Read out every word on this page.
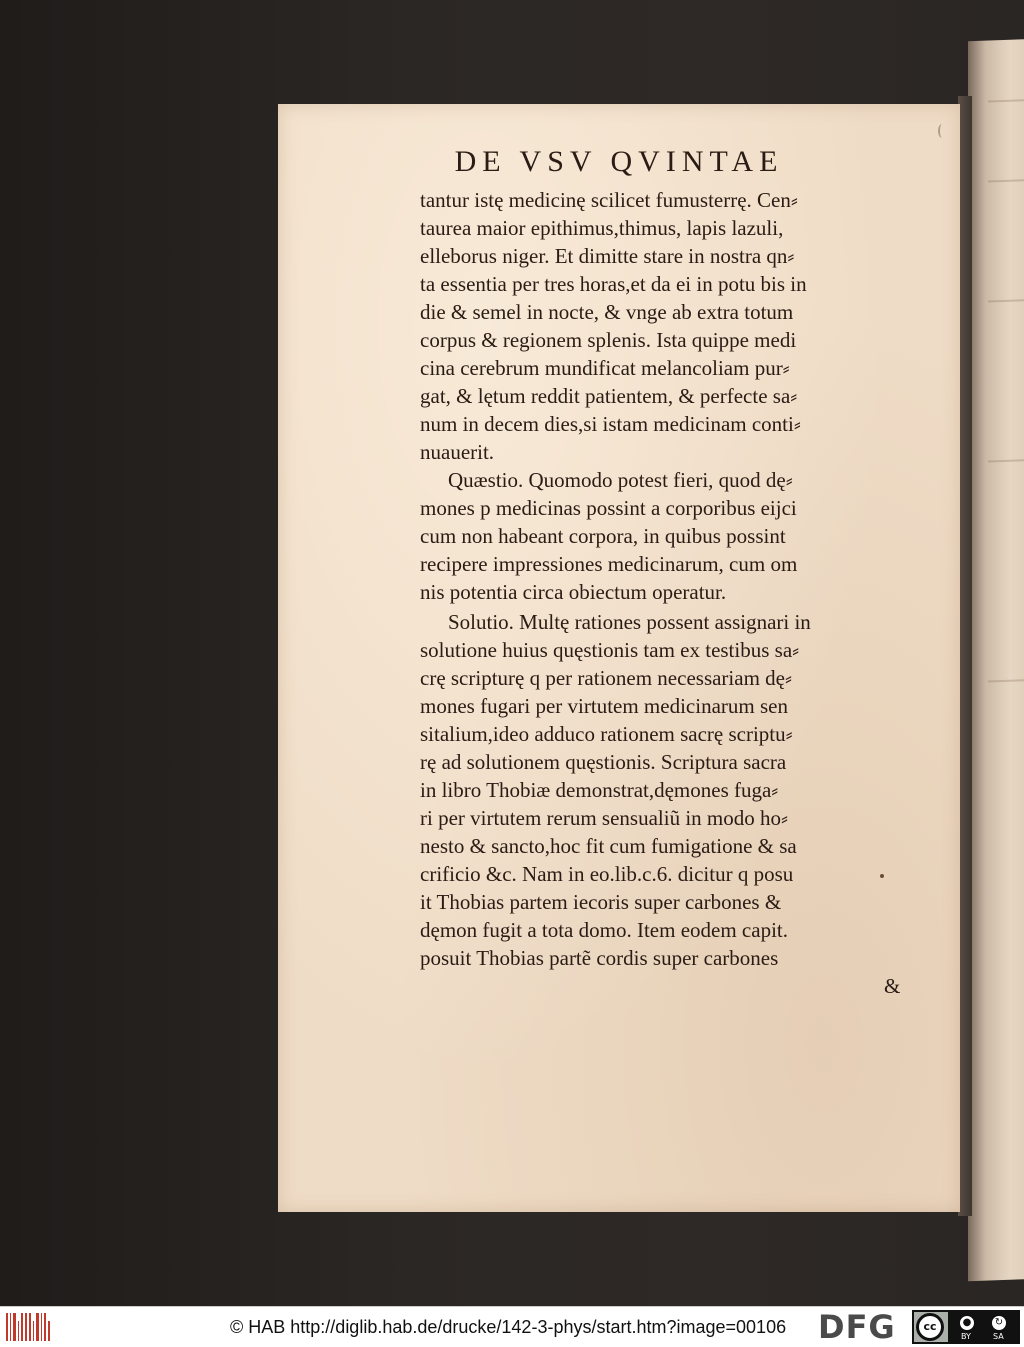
DE VSV QVINTAE
tantur istę medicinę scilicet fumusterrę. Cen⸗
taurea maior epithimus,thimus, lapis lazuli,
elleborus niger. Et dimitte stare in nostra qn⸗
ta essentia per tres horas,et da ei in potu bis in
die & semel in nocte, & vnge ab extra totum
corpus & regionem splenis. Ista quippe medi
cina cerebrum mundificat melancoliam pur⸗
gat, & lętum reddit patientem, & perfecte sa⸗
num in decem dies,si istam medicinam conti⸗
nuauerit.
Quæstio. Quomodo potest fieri, quod dę⸗
mones p medicinas possint a corporibus eijci
cum non habeant corpora, in quibus possint
recipere impressiones medicinarum, cum om
nis potentia circa obiectum operatur.
Solutio. Multę rationes possent assignari in
solutione huius quęstionis tam ex testibus sa⸗
crę scripturę q per rationem necessariam dę⸗
mones fugari per virtutem medicinarum sen
sitalium,ideo adduco rationem sacrę scriptu⸗
rę ad solutionem quęstionis. Scriptura sacra
in libro Thobiæ demonstrat,dęmones fuga⸗
ri per virtutem rerum sensualiũ in modo ho⸗
nesto & sancto,hoc fit cum fumigatione & sa
crificio &c. Nam in eo.lib.c.6. dicitur q posu
it Thobias partem iecoris super carbones &
dęmon fugit a tota domo. Item eodem capit.
posuit Thobias partẽ cordis super carbones
&
© HAB http://diglib.hab.de/drucke/142-3-phys/start.htm?image=00106 DFG	cc	●	↻
BY	SA
